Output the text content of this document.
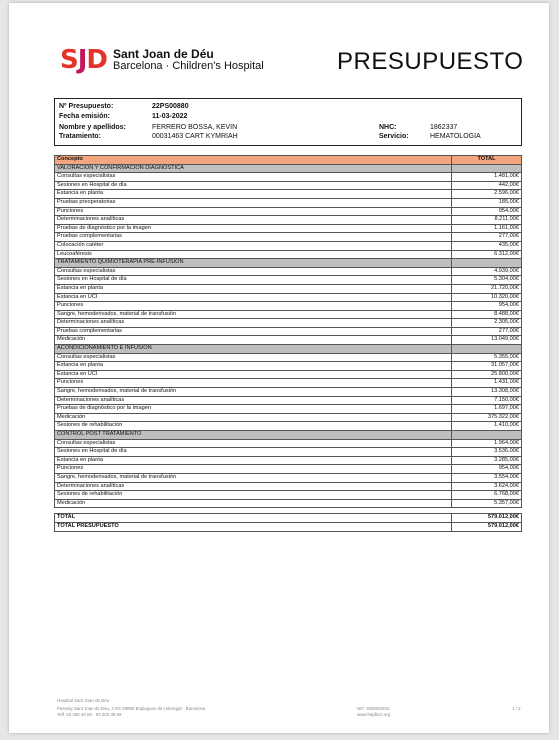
SJD Sant Joan de Déu
Barcelona · Children's Hospital	PRESUPUESTO
Nº Presupuesto:	22PS00880
Fecha emisión:	11-03-2022
Nombre y apellidos:	FERRERO BOSSA, KEVIN
Tratamiento:	00031463 CART KYMRIAH
NHC:	1862337
Servicio:	HEMATOLOGIA
Concepto	TOTAL
VALORACION Y CONFIRMACION DIAGNOSTICA	
Consultas especialistas	1.481,00€
Sesiones en Hospital de día	442,00€
Estancia en planta	2.596,00€
Pruebas preoperatorias	185,00€
Punciones	954,00€
Determinaciones analíticas	8.211,00€
Pruebas de diagnóstico por la imagen	1.161,00€
Pruebas complementarias	277,00€
Colocación catéter	435,00€
Leucoaféresis	6.312,00€
TRATAMIENTO QUIMIOTERAPIA PRE-INFUSIÓN	
Consultas especialistas	4.939,00€
Sesiones en Hospital de día	5.304,00€
Estancia en planta	21.720,00€
Estancia en UCI	10.320,00€
Punciones	954,00€
Sangre, hemoderivados, material de transfusión	8.488,00€
Determinaciones analíticas	2.305,00€
Pruebas complementarias	277,00€
Medicación	13.049,00€
ACONDICIONAMIENTO E INFUSIÓN	
Consultas especialistas	5.355,00€
Estancia en planta	31.057,00€
Estancia en UCI	25.800,00€
Punciones	1.431,00€
Sangre, hemoderivados, material de transfusión	13.308,00€
Determinaciones analíticas	7.150,00€
Pruebas de diagnóstico por la imagen	1.697,00€
Medicación	375.322,00€
Sesiones de rehabilitación	1.410,00€
CONTROL POST TRATAMIENTO	
Consultas especialistas	1.964,00€
Sesiones en Hospital de día	3.536,00€
Estancia en planta	3.285,00€
Punciones	954,00€
Sangre, hemoderivados, material de transfusión	3.554,00€
Determinaciones analíticas	3.624,00€
Sesiones de rehabilitación	6.768,00€
Medicación	5.357,00€

TOTAL	579.012,00€
TOTAL PRESUPUESTO	579.012,00€
Hospital Sant Joan de Déu
Passeig Sant Joan de Déu, 2 ES 08950 Esplugues de Llobregat · Barcelona
Telf. 93 280 40 00 · 93 203 39 59
NIF: R0800045C
www.hsjdbcn.org
1 / 2
